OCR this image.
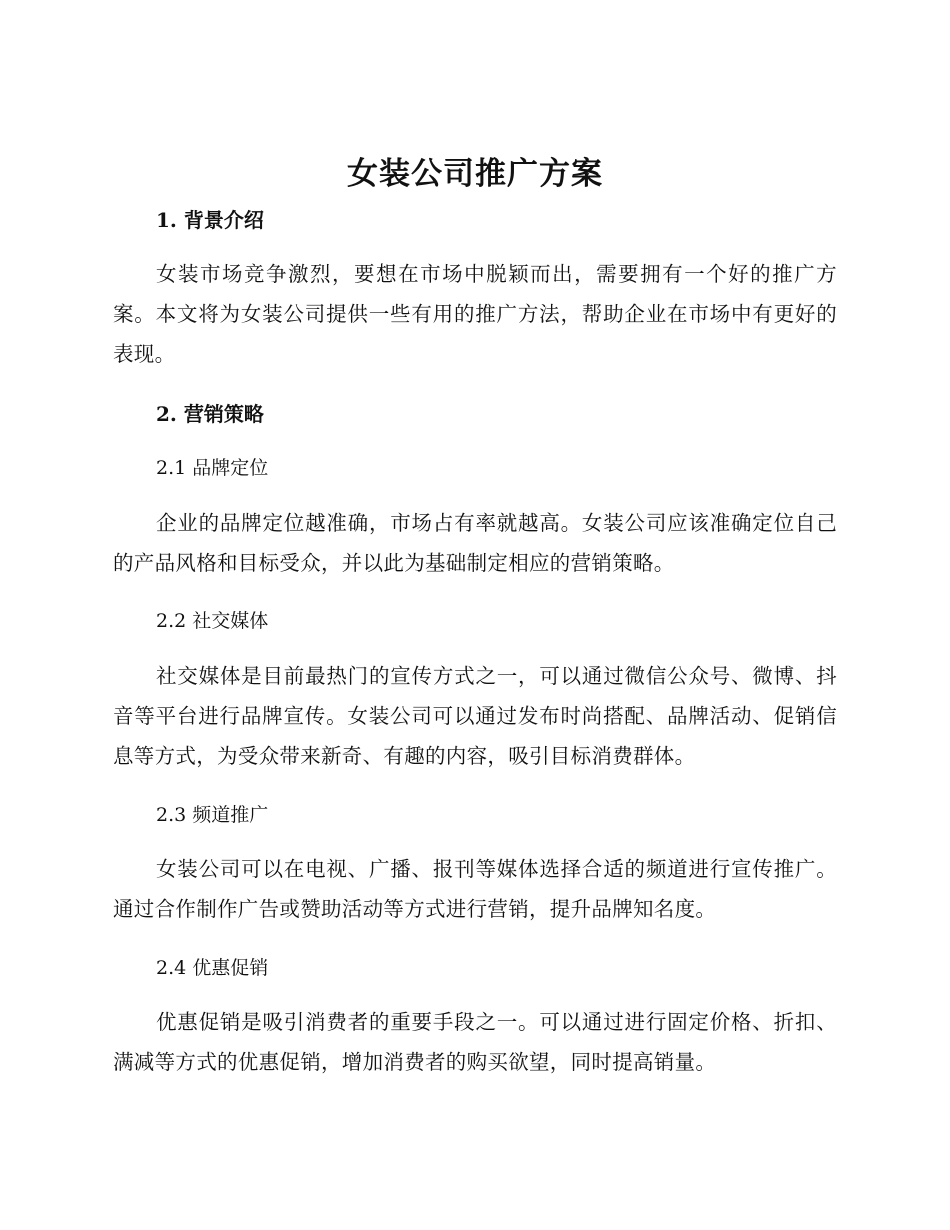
女装公司推广方案
1. 背景介绍
女装市场竞争激烈，要想在市场中脱颖而出，需要拥有一个好的推广方案。本文将为女装公司提供一些有用的推广方法，帮助企业在市场中有更好的表现。
2. 营销策略
2.1 品牌定位
企业的品牌定位越准确，市场占有率就越高。女装公司应该准确定位自己的产品风格和目标受众，并以此为基础制定相应的营销策略。
2.2 社交媒体
社交媒体是目前最热门的宣传方式之一，可以通过微信公众号、微博、抖音等平台进行品牌宣传。女装公司可以通过发布时尚搭配、品牌活动、促销信息等方式，为受众带来新奇、有趣的内容，吸引目标消费群体。
2.3 频道推广
女装公司可以在电视、广播、报刊等媒体选择合适的频道进行宣传推广。通过合作制作广告或赞助活动等方式进行营销，提升品牌知名度。
2.4 优惠促销
优惠促销是吸引消费者的重要手段之一。可以通过进行固定价格、折扣、满减等方式的优惠促销，增加消费者的购买欲望，同时提高销量。
